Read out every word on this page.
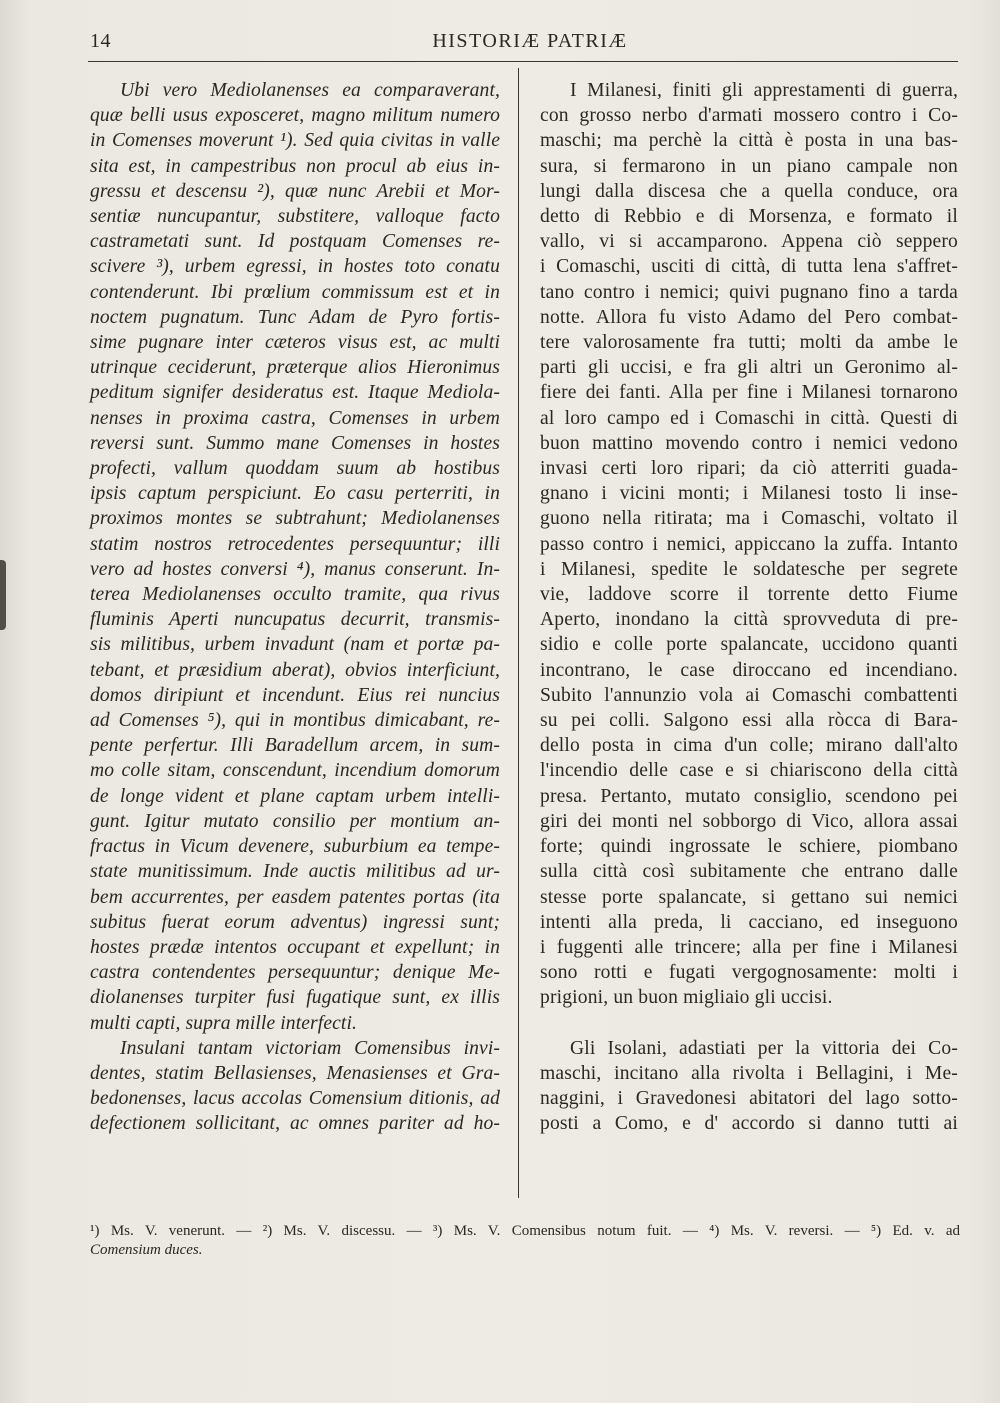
14	HISTORIÆ PATRIÆ
Ubi vero Mediolanenses ea comparaverant,
quæ belli usus exposceret, magno militum numero
in Comenses moverunt ¹). Sed quia civitas in valle
sita est, in campestribus non procul ab eius in-
gressu et descensu ²), quæ nunc Arebii et Mor-
sentiæ nuncupantur, substitere, valloque facto
castrametati sunt. Id postquam Comenses re-
scivere ³), urbem egressi, in hostes toto conatu
contenderunt. Ibi prœlium commissum est et in
noctem pugnatum. Tunc Adam de Pyro fortis-
sime pugnare inter cæteros visus est, ac multi
utrinque ceciderunt, præterque alios Hieronimus
peditum signifer desideratus est. Itaque Mediola-
nenses in proxima castra, Comenses in urbem
reversi sunt. Summo mane Comenses in hostes
profecti, vallum quoddam suum ab hostibus
ipsis captum perspiciunt. Eo casu perterriti, in
proximos montes se subtrahunt; Mediolanenses
statim nostros retrocedentes persequuntur; illi
vero ad hostes conversi ⁴), manus conserunt. In-
terea Mediolanenses occulto tramite, qua rivus
fluminis Aperti nuncupatus decurrit, transmis-
sis militibus, urbem invadunt (nam et portæ pa-
tebant, et præsidium aberat), obvios interficiunt,
domos diripiunt et incendunt. Eius rei nuncius
ad Comenses ⁵), qui in montibus dimicabant, re-
pente perfertur. Illi Baradellum arcem, in sum-
mo colle sitam, conscendunt, incendium domorum
de longe vident et plane captam urbem intelli-
gunt. Igitur mutato consilio per montium an-
fractus in Vicum devenere, suburbium ea tempe-
state munitissimum. Inde auctis militibus ad ur-
bem accurrentes, per easdem patentes portas (ita
subitus fuerat eorum adventus) ingressi sunt;
hostes prædæ intentos occupant et expellunt; in
castra contendentes persequuntur; denique Me-
diolanenses turpiter fusi fugatique sunt, ex illis
multi capti, supra mille interfecti.
Insulani tantam victoriam Comensibus invi-
dentes, statim Bellasienses, Menasienses et Gra-
bedonenses, lacus accolas Comensium ditionis, ad
defectionem sollicitant, ac omnes pariter ad ho-
I Milanesi, finiti gli apprestamenti di guerra,
con grosso nerbo d'armati mossero contro i Co-
maschi; ma perchè la città è posta in una bas-
sura, si fermarono in un piano campale non
lungi dalla discesa che a quella conduce, ora
detto di Rebbio e di Morsenza, e formato il
vallo, vi si accamparono. Appena ciò seppero
i Comaschi, usciti di città, di tutta lena s'affret-
tano contro i nemici; quivi pugnano fino a tarda
notte. Allora fu visto Adamo del Pero combat-
tere valorosamente fra tutti; molti da ambe le
parti gli uccisi, e fra gli altri un Geronimo al-
fiere dei fanti. Alla per fine i Milanesi tornarono
al loro campo ed i Comaschi in città. Questi di
buon mattino movendo contro i nemici vedono
invasi certi loro ripari; da ciò atterriti guada-
gnano i vicini monti; i Milanesi tosto li inse-
guono nella ritirata; ma i Comaschi, voltato il
passo contro i nemici, appiccano la zuffa. Intanto
i Milanesi, spedite le soldatesche per segrete
vie, laddove scorre il torrente detto Fiume
Aperto, inondano la città sprovveduta di pre-
sidio e colle porte spalancate, uccidono quanti
incontrano, le case diroccano ed incendiano.
Subito l'annunzio vola ai Comaschi combattenti
su pei colli. Salgono essi alla ròcca di Bara-
dello posta in cima d'un colle; mirano dall'alto
l'incendio delle case e si chiariscono della città
presa. Pertanto, mutato consiglio, scendono pei
giri dei monti nel sobborgo di Vico, allora assai
forte; quindi ingrossate le schiere, piombano
sulla città così subitamente che entrano dalle
stesse porte spalancate, si gettano sui nemici
intenti alla preda, li cacciano, ed inseguono
i fuggenti alle trincere; alla per fine i Milanesi
sono rotti e fugati vergognosamente: molti i
prigioni, un buon migliaio gli uccisi.
Gli Isolani, adastiati per la vittoria dei Co-
maschi, incitano alla rivolta i Bellagini, i Me-
naggini, i Gravedonesi abitatori del lago sotto-
posti a Como, e d' accordo si danno tutti ai
¹) Ms. V. venerunt. — ²) Ms. V. discessu. — ³) Ms. V. Comensibus notum fuit. — ⁴) Ms. V. reversi. — ⁵) Ed. v. ad
Comensium duces.
